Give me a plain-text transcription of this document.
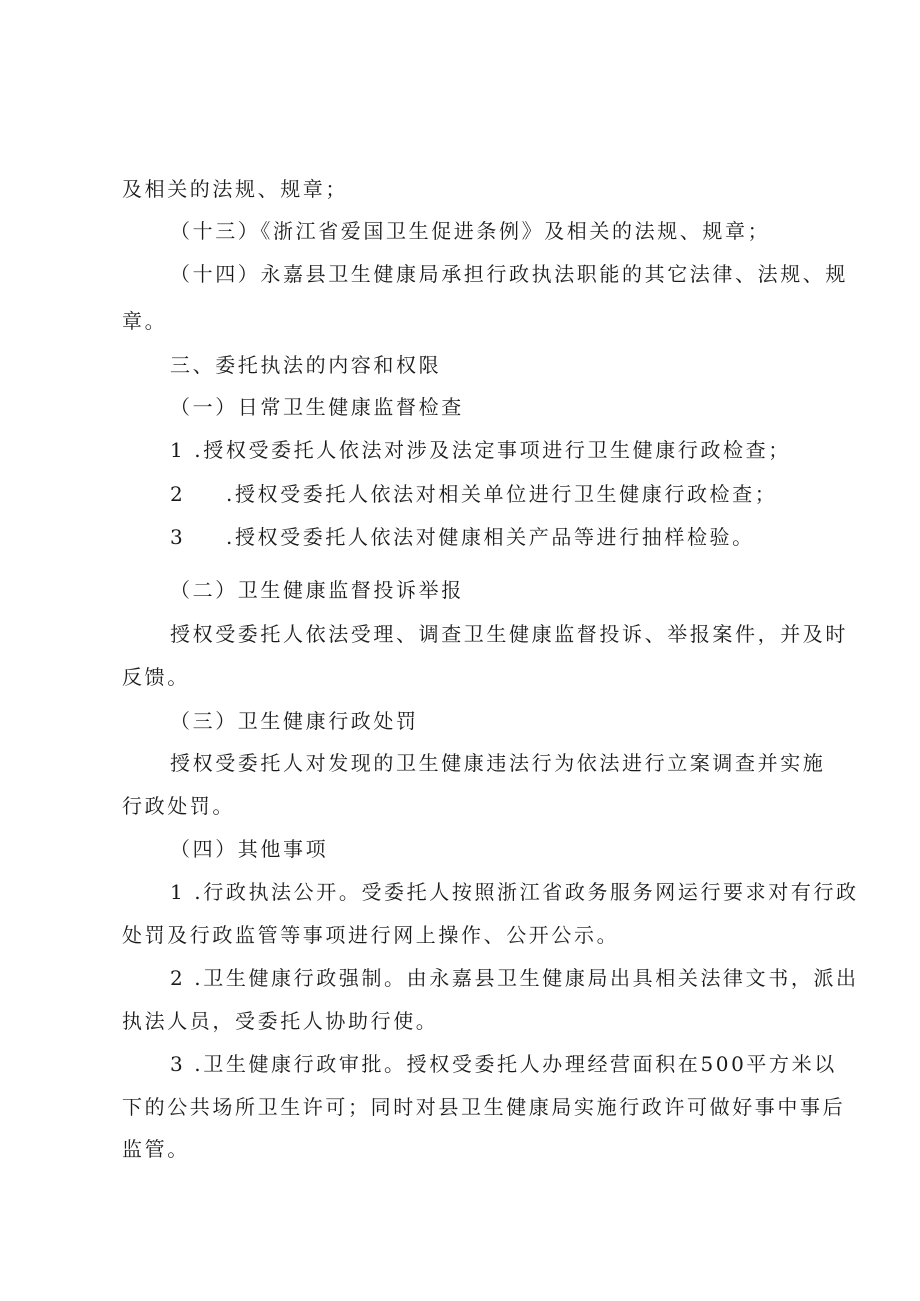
及相关的法规、规章；
（十三）《浙江省爱国卫生促进条例》及相关的法规、规章；
（十四）永嘉县卫生健康局承担行政执法职能的其它法律、法规、规
章。
三、委托执法的内容和权限
（一）日常卫生健康监督检查
1 .授权受委托人依法对涉及法定事项进行卫生健康行政检查；
2 .授权受委托人依法对相关单位进行卫生健康行政检查；
3 .授权受委托人依法对健康相关产品等进行抽样检验。
（二）卫生健康监督投诉举报
授权受委托人依法受理、调查卫生健康监督投诉、举报案件，并及时
反馈。
（三）卫生健康行政处罚
授权受委托人对发现的卫生健康违法行为依法进行立案调查并实施
行政处罚。
（四）其他事项
1 .行政执法公开。受委托人按照浙江省政务服务网运行要求对有行政
处罚及行政监管等事项进行网上操作、公开公示。
2 .卫生健康行政强制。由永嘉县卫生健康局出具相关法律文书，派出
执法人员，受委托人协助行使。
3 .卫生健康行政审批。授权受委托人办理经营面积在500平方米以
下的公共场所卫生许可；同时对县卫生健康局实施行政许可做好事中事后
监管。
